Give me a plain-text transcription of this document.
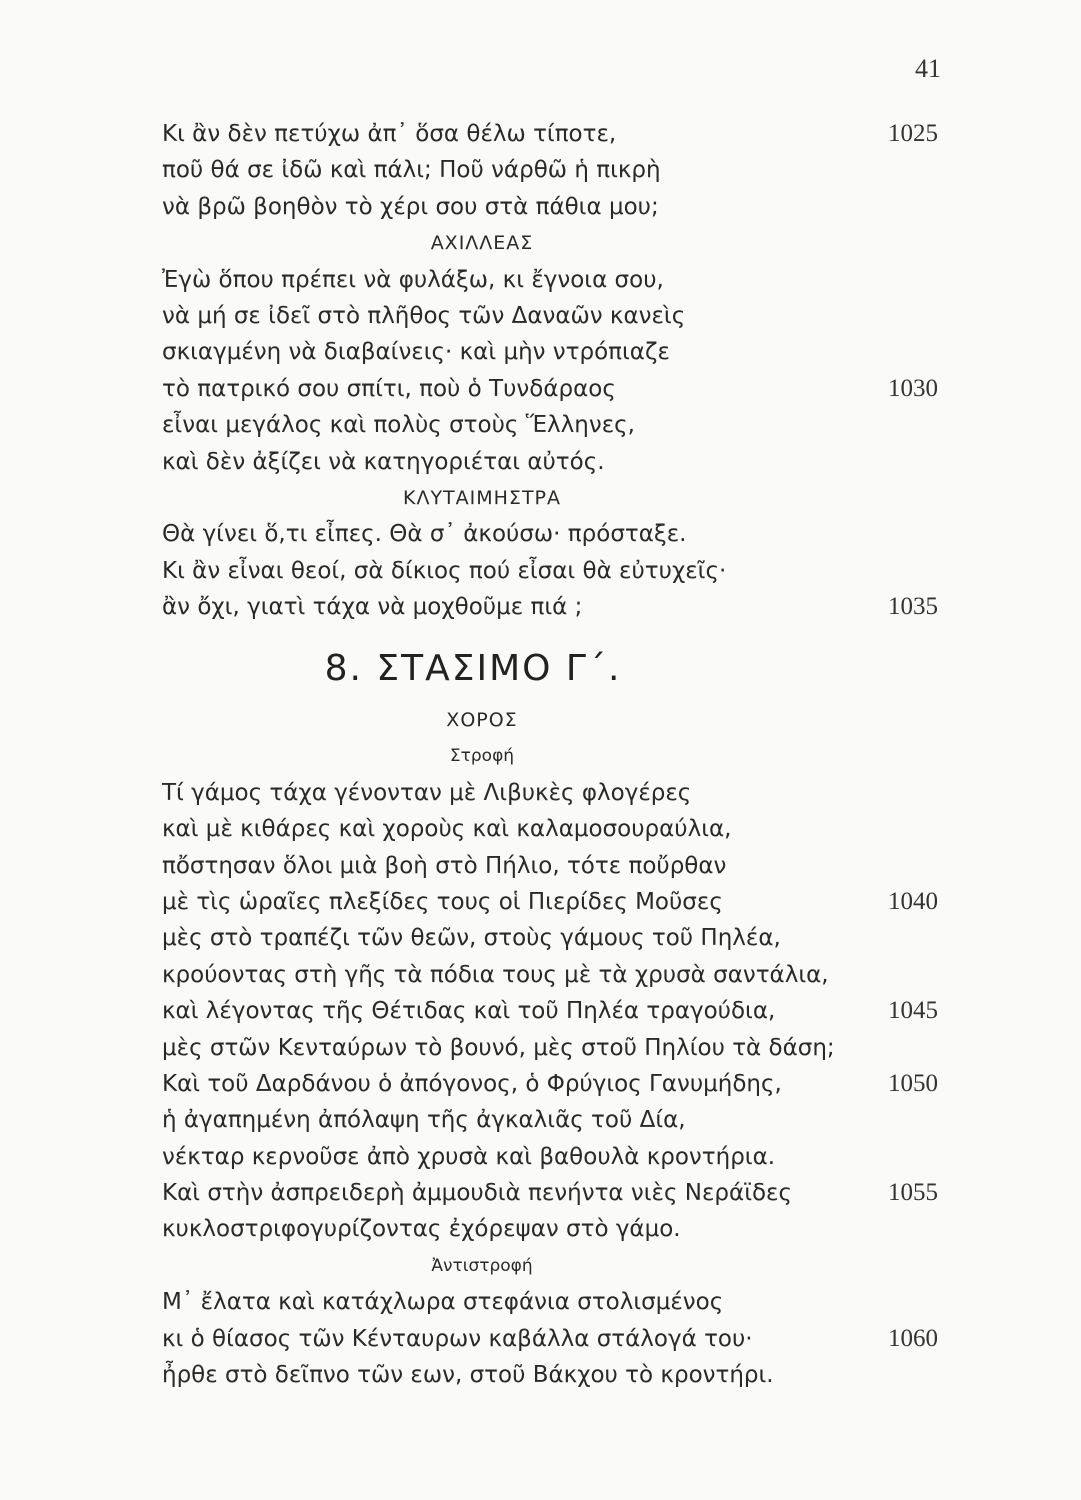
41
Κι ἂν δὲν πετύχω ἀπ᾿ ὅσα θέλω τίποτε,	1025
ποῦ θά σε ἰδῶ καὶ πάλι; Ποῦ νάρθῶ ἡ πικρὴ
νὰ βρῶ βοηθὸν τὸ χέρι σου στὰ πάθια μου;
ΑΧΙΛΛΕΑΣ
Ἐγὼ ὅπου πρέπει νὰ φυλάξω, κι ἔγνοια σου,
νὰ μή σε ἰδεῖ στὸ πλῆθος τῶν Δαναῶν κανεὶς
σκιαγμένη νὰ διαβαίνεις· καὶ μὴν ντρόπιαζε
τὸ πατρικό σου σπίτι, ποὺ ὁ Τυνδάραος	1030
εἶναι μεγάλος καὶ πολὺς στοὺς Ἕλληνες,
καὶ δὲν ἀξίζει νὰ κατηγοριέται αὐτός.
ΚΛΥΤΑΙΜΗΣΤΡΑ
Θὰ γίνει ὅ,τι εἶπες. Θὰ σ᾿ ἀκούσω· πρόσταξε.
Κι ἂν εἶναι θεοί, σὰ δίκιος πού εἶσαι θὰ εὐτυχεῖς·
ἂν ὄχι, γιατὶ τάχα νὰ μοχθοῦμε πιά ;	1035
8. ΣΤΑΣΙΜΟ Γ΄.
ΧΟΡΟΣ
Στροφή
Τί γάμος τάχα γένονταν μὲ Λιβυκὲς φλογέρες
καὶ μὲ κιθάρες καὶ χοροὺς καὶ καλαμοσουραύλια,
πὄστησαν ὅλοι μιὰ βοὴ στὸ Πήλιο, τότε ποὔρθαν
μὲ τὶς ὡραῖες πλεξίδες τους οἱ Πιερίδες Μοῦσες	1040
μὲς στὸ τραπέζι τῶν θεῶν, στοὺς γάμους τοῦ Πηλέα,
κρούοντας στὴ γῆς τὰ πόδια τους μὲ τὰ χρυσὰ σαντάλια,
καὶ λέγοντας τῆς Θέτιδας καὶ τοῦ Πηλέα τραγούδια,	1045
μὲς στῶν Κενταύρων τὸ βουνό, μὲς στοῦ Πηλίου τὰ δάση;
Καὶ τοῦ Δαρδάνου ὁ ἀπόγονος, ὁ Φρύγιος Γανυμήδης,	1050
ἡ ἀγαπημένη ἀπόλαψη τῆς ἀγκαλιᾶς τοῦ Δία,
νέκταρ κερνοῦσε ἀπὸ χρυσὰ καὶ βαθουλὰ κροντήρια.
Καὶ στὴν ἀσπρειδερὴ ἀμμουδιὰ πενήντα νιὲς Νεράϊδες	1055
κυκλοστριφογυρίζοντας ἐχόρεψαν στὸ γάμο.
Ἀντιστροφή
Μ᾿ ἔλατα καὶ κατάχλωρα στεφάνια στολισμένος
κι ὁ θίασος τῶν Κένταυρων καβάλλα στάλογά του·	1060
ἦρθε στὸ δεῖπνο τῶν εων, στοῦ Βάκχου τὸ κροντήρι.
